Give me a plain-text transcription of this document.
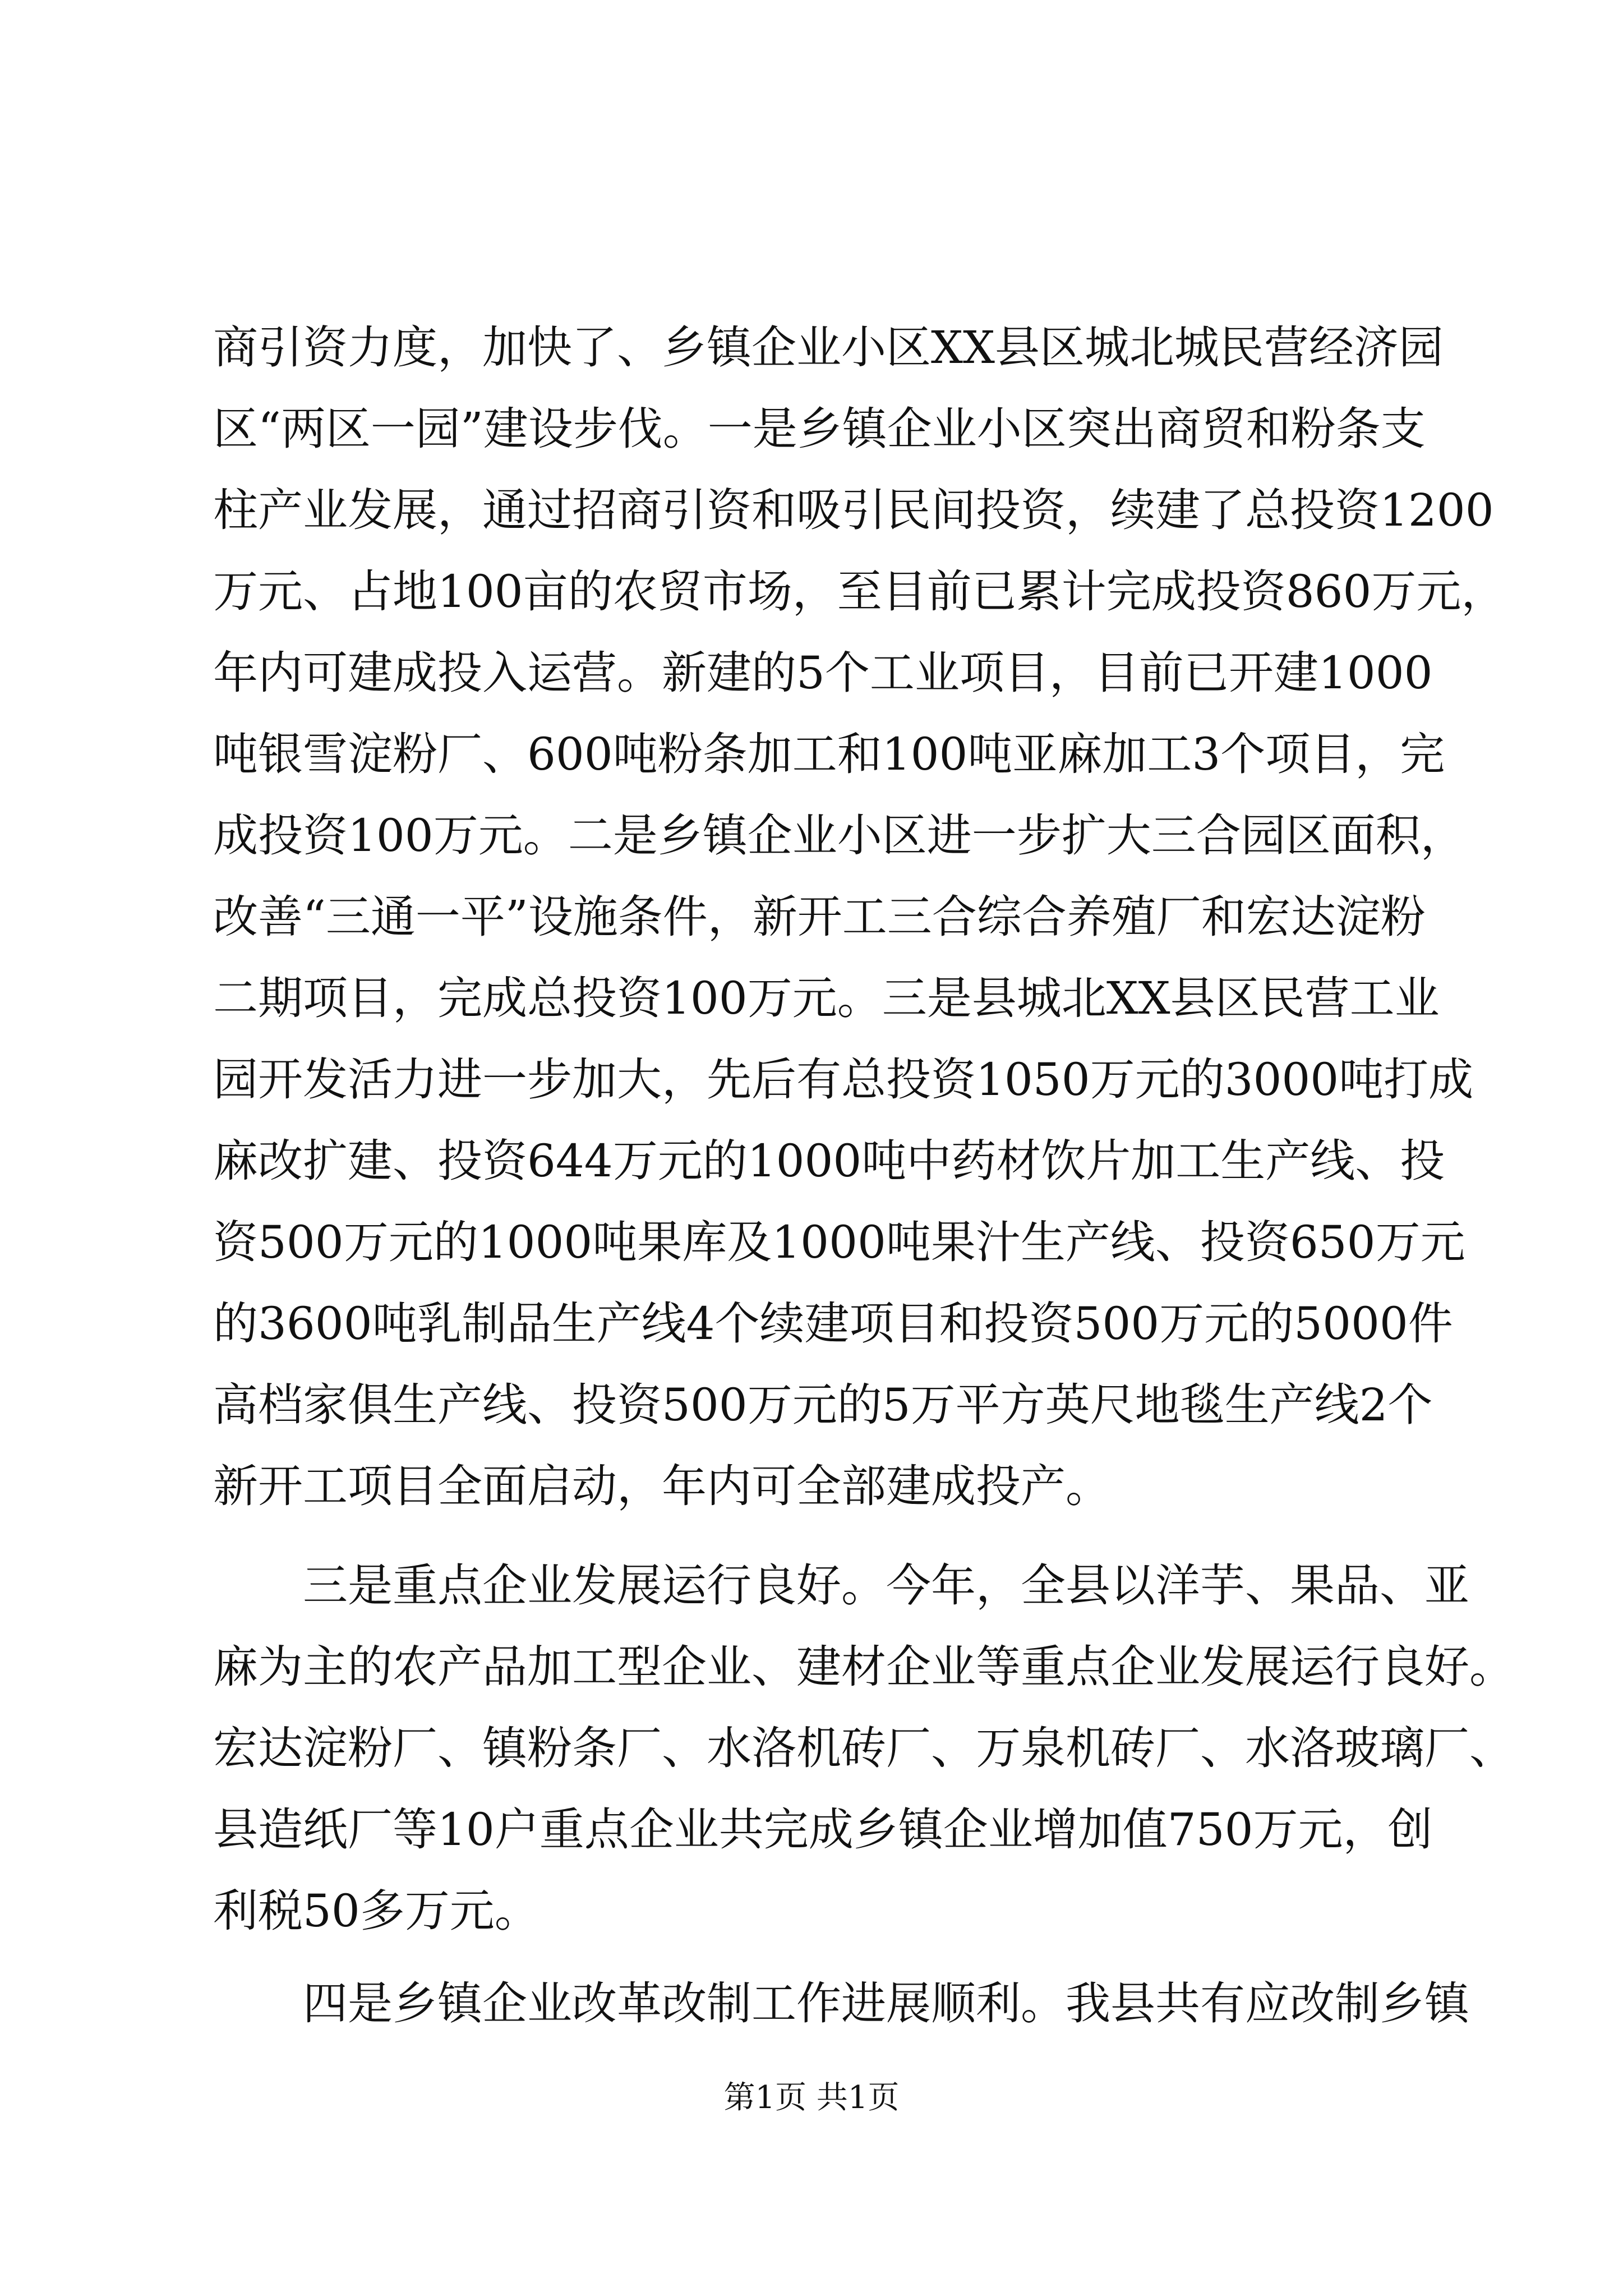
商引资力度，加快了、乡镇企业小区XX县区城北城民营经济园
区“两区一园”建设步伐。一是乡镇企业小区突出商贸和粉条支
柱产业发展，通过招商引资和吸引民间投资，续建了总投资1200
万元、占地100亩的农贸市场，至目前已累计完成投资860万元，
年内可建成投入运营。新建的5个工业项目，目前已开建1000
吨银雪淀粉厂、600吨粉条加工和100吨亚麻加工3个项目，完
成投资100万元。二是乡镇企业小区进一步扩大三合园区面积，
改善“三通一平”设施条件，新开工三合综合养殖厂和宏达淀粉
二期项目，完成总投资100万元。三是县城北XX县区民营工业
园开发活力进一步加大，先后有总投资1050万元的3000吨打成
麻改扩建、投资644万元的1000吨中药材饮片加工生产线、投
资500万元的1000吨果库及1000吨果汁生产线、投资650万元
的3600吨乳制品生产线4个续建项目和投资500万元的5000件
高档家俱生产线、投资500万元的5万平方英尺地毯生产线2个
新开工项目全面启动，年内可全部建成投产。
三是重点企业发展运行良好。今年，全县以洋芋、果品、亚
麻为主的农产品加工型企业、建材企业等重点企业发展运行良好。
宏达淀粉厂、镇粉条厂、水洛机砖厂、万泉机砖厂、水洛玻璃厂、
县造纸厂等10户重点企业共完成乡镇企业增加值750万元，创
利税50多万元。
四是乡镇企业改革改制工作进展顺利。我县共有应改制乡镇
第1页 共1页
